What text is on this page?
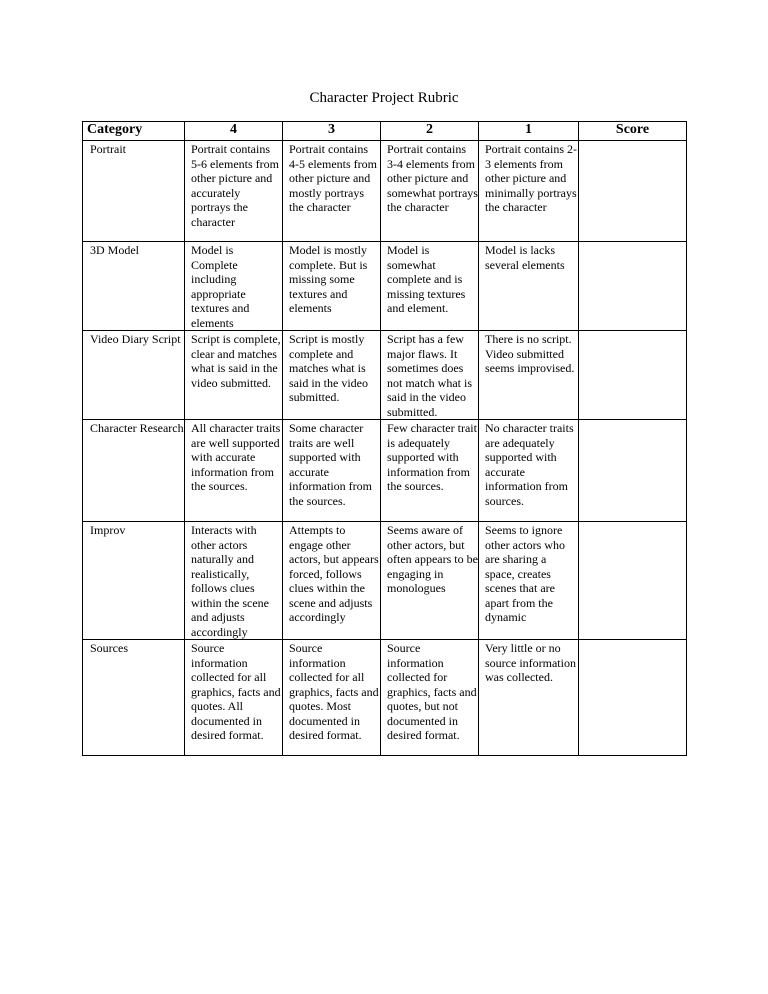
Character Project Rubric
Category	4	3	2	1	Score
Portrait	Portrait contains 5-6 elements from other picture and accurately portrays the character	Portrait contains 4-5 elements from other picture and mostly portrays the character	Portrait contains 3-4 elements from other picture and somewhat portrays the character	Portrait contains 2-3 elements from other picture and minimally portrays the character	
3D Model	Model is Complete including appropriate textures and elements	Model is mostly complete. But is missing some textures and elements	Model is somewhat complete and is missing textures and element.	Model is lacks several elements	
Video Diary Script	Script is complete, clear and matches what is said in the video submitted.	Script is mostly complete and matches what is said in the video submitted.	Script has a few major flaws. It sometimes does not match what is said in the video submitted.	There is no script. Video submitted seems improvised.	
Character Research	All character traits are well supported with accurate information from the sources.	Some character traits are well supported with accurate information from the sources.	Few character trait is adequately supported with information from the sources.	No character traits are adequately supported with accurate information from sources.	
Improv	Interacts with other actors naturally and realistically, follows clues within the scene and adjusts accordingly	Attempts to engage other actors, but appears forced, follows clues within the scene and adjusts accordingly	Seems aware of other actors, but often appears to be engaging in monologues	Seems to ignore other actors who are sharing a space, creates scenes that are apart from the dynamic	
Sources	Source information collected for all graphics, facts and quotes. All documented in desired format.	Source information collected for all graphics, facts and quotes. Most documented in desired format.	Source information collected for graphics, facts and quotes, but not documented in desired format.	Very little or no source information was collected.	
